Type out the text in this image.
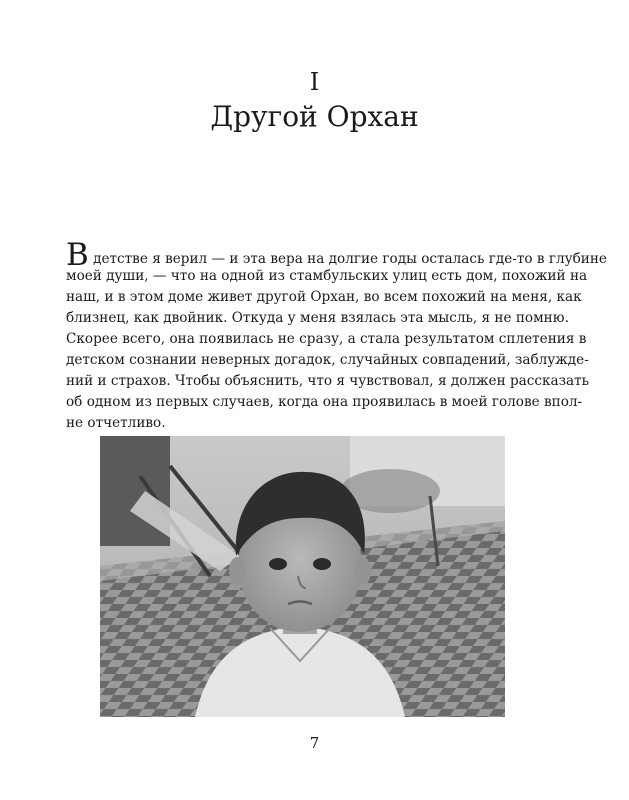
I
Другой Орхан
В детстве я верил — и эта вера на долгие годы осталась где-то в глубине
моей души, — что на одной из стамбульских улиц есть дом, похожий на
наш, и в этом доме живет другой Орхан, во всем похожий на меня, как
близнец, как двойник. Откуда у меня взялась эта мысль, я не помню.
Скорее всего, она появилась не сразу, а стала результатом сплетения в
детском сознании неверных догадок, случайных совпадений, заблужде-
ний и страхов. Чтобы объяснить, что я чувствовал, я должен рассказать
об одном из первых случаев, когда она проявилась в моей голове впол-
не отчетливо.
7
